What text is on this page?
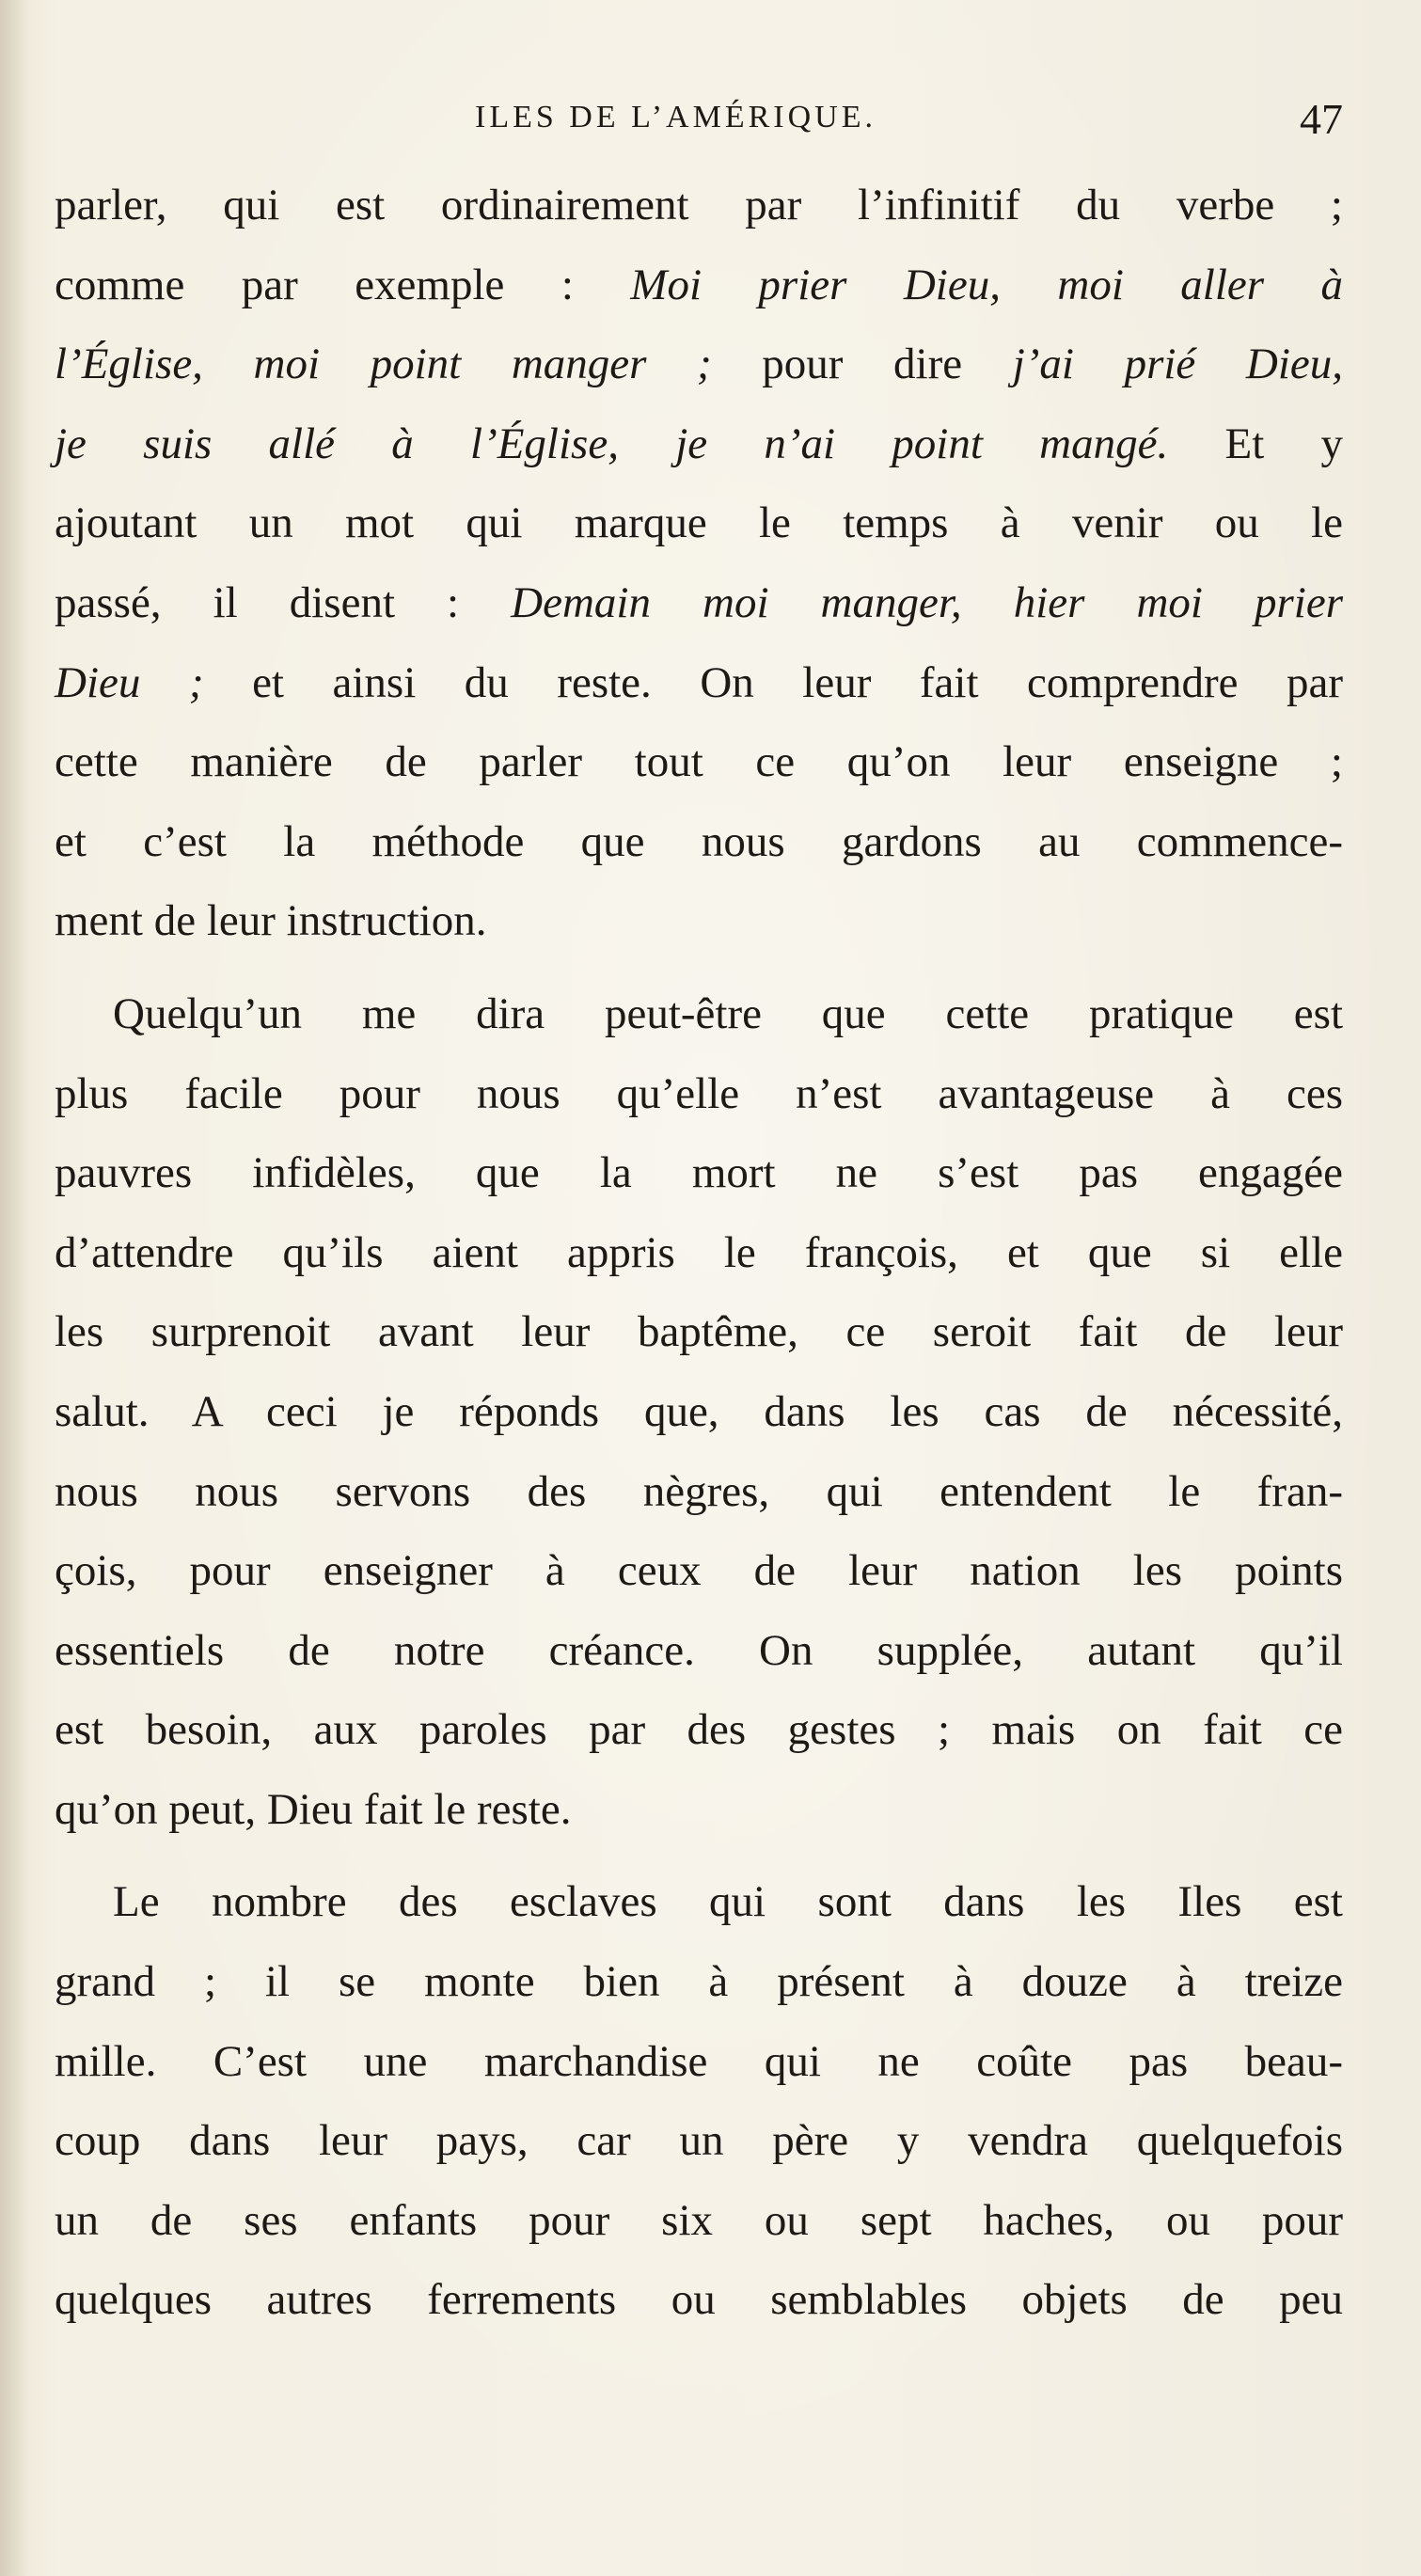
ILES DE L’AMÉRIQUE.	47
parler, qui est ordinairement par l’infinitif du verbe ;
comme par exemple : Moi prier Dieu, moi aller à
l’Église, moi point manger ; pour dire j’ai prié Dieu,
je suis allé à l’Église, je n’ai point mangé. Et y
ajoutant un mot qui marque le temps à venir ou le
passé, il disent : Demain moi manger, hier moi prier
Dieu ; et ainsi du reste. On leur fait comprendre par
cette manière de parler tout ce qu’on leur enseigne ;
et c’est la méthode que nous gardons au commence-
ment de leur instruction.
Quelqu’un me dira peut-être que cette pratique est
plus facile pour nous qu’elle n’est avantageuse à ces
pauvres infidèles, que la mort ne s’est pas engagée
d’attendre qu’ils aient appris le françois, et que si elle
les surprenoit avant leur baptême, ce seroit fait de leur
salut. A ceci je réponds que, dans les cas de nécessité,
nous nous servons des nègres, qui entendent le fran-
çois, pour enseigner à ceux de leur nation les points
essentiels de notre créance. On supplée, autant qu’il
est besoin, aux paroles par des gestes ; mais on fait ce
qu’on peut, Dieu fait le reste.
Le nombre des esclaves qui sont dans les Iles est
grand ; il se monte bien à présent à douze à treize
mille. C’est une marchandise qui ne coûte pas beau-
coup dans leur pays, car un père y vendra quelquefois
un de ses enfants pour six ou sept haches, ou pour
quelques autres ferrements ou semblables objets de peu
